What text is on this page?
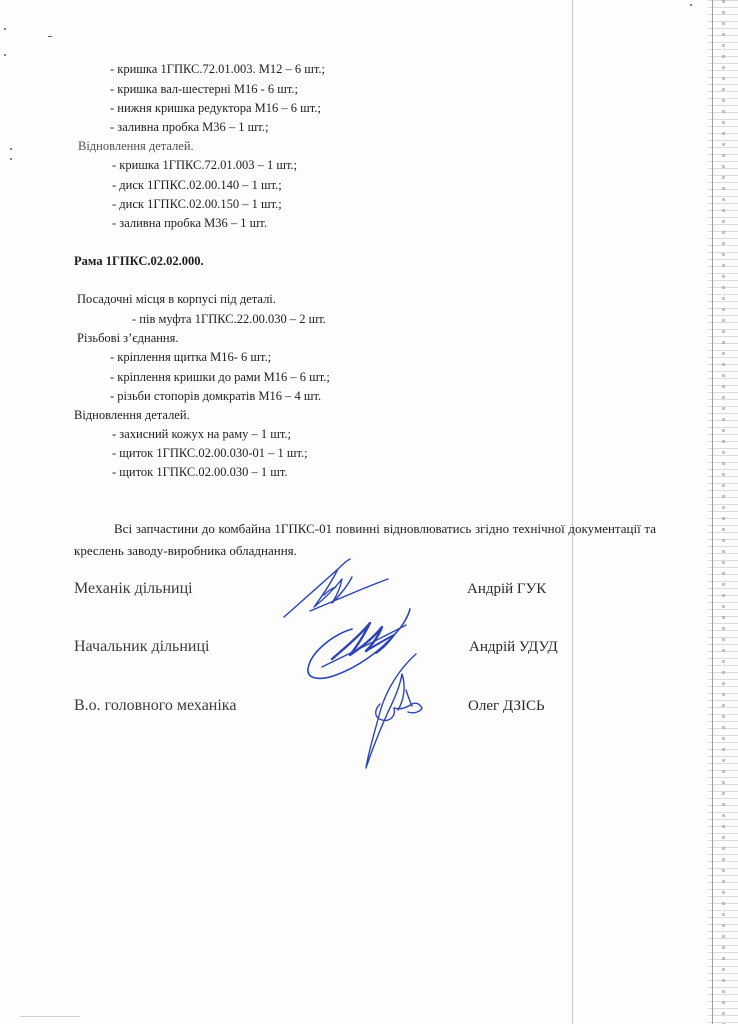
- кришка 1ГПКС.72.01.003. М12 – 6 шт.;
- кришка вал-шестерні М16 - 6 шт.;
- нижня кришка редуктора М16 – 6 шт.;
- заливна пробка М36 – 1 шт.;
Відновлення деталей.
- кришка 1ГПКС.72.01.003 – 1 шт.;
- диск 1ГПКС.02.00.140 – 1 шт.;
- диск 1ГПКС.02.00.150 – 1 шт.;
- заливна пробка М36 – 1 шт.
Рама 1ГПКС.02.02.000.
Посадочні місця в корпусі під деталі.
- пів муфта 1ГПКС.22.00.030 – 2 шт.
Різьбові з’єднання.
- кріплення щитка М16- 6 шт.;
- кріплення кришки до рами М16 – 6 шт.;
- різьби стопорів домкратів М16 – 4 шт.
Відновлення деталей.
- захисний кожух на раму – 1 шт.;
- щиток 1ГПКС.02.00.030-01 – 1 шт.;
- щиток 1ГПКС.02.00.030 – 1 шт.
Всі запчастини до комбайна 1ГПКС-01 повинні відновлюватись згідно технічної документації та креслень заводу-виробника обладнання.
Механік дільниці	Андрій ГУК
Начальник дільниці	Андрій УДУД
В.о. головного механіка	Олег ДЗІСЬ
